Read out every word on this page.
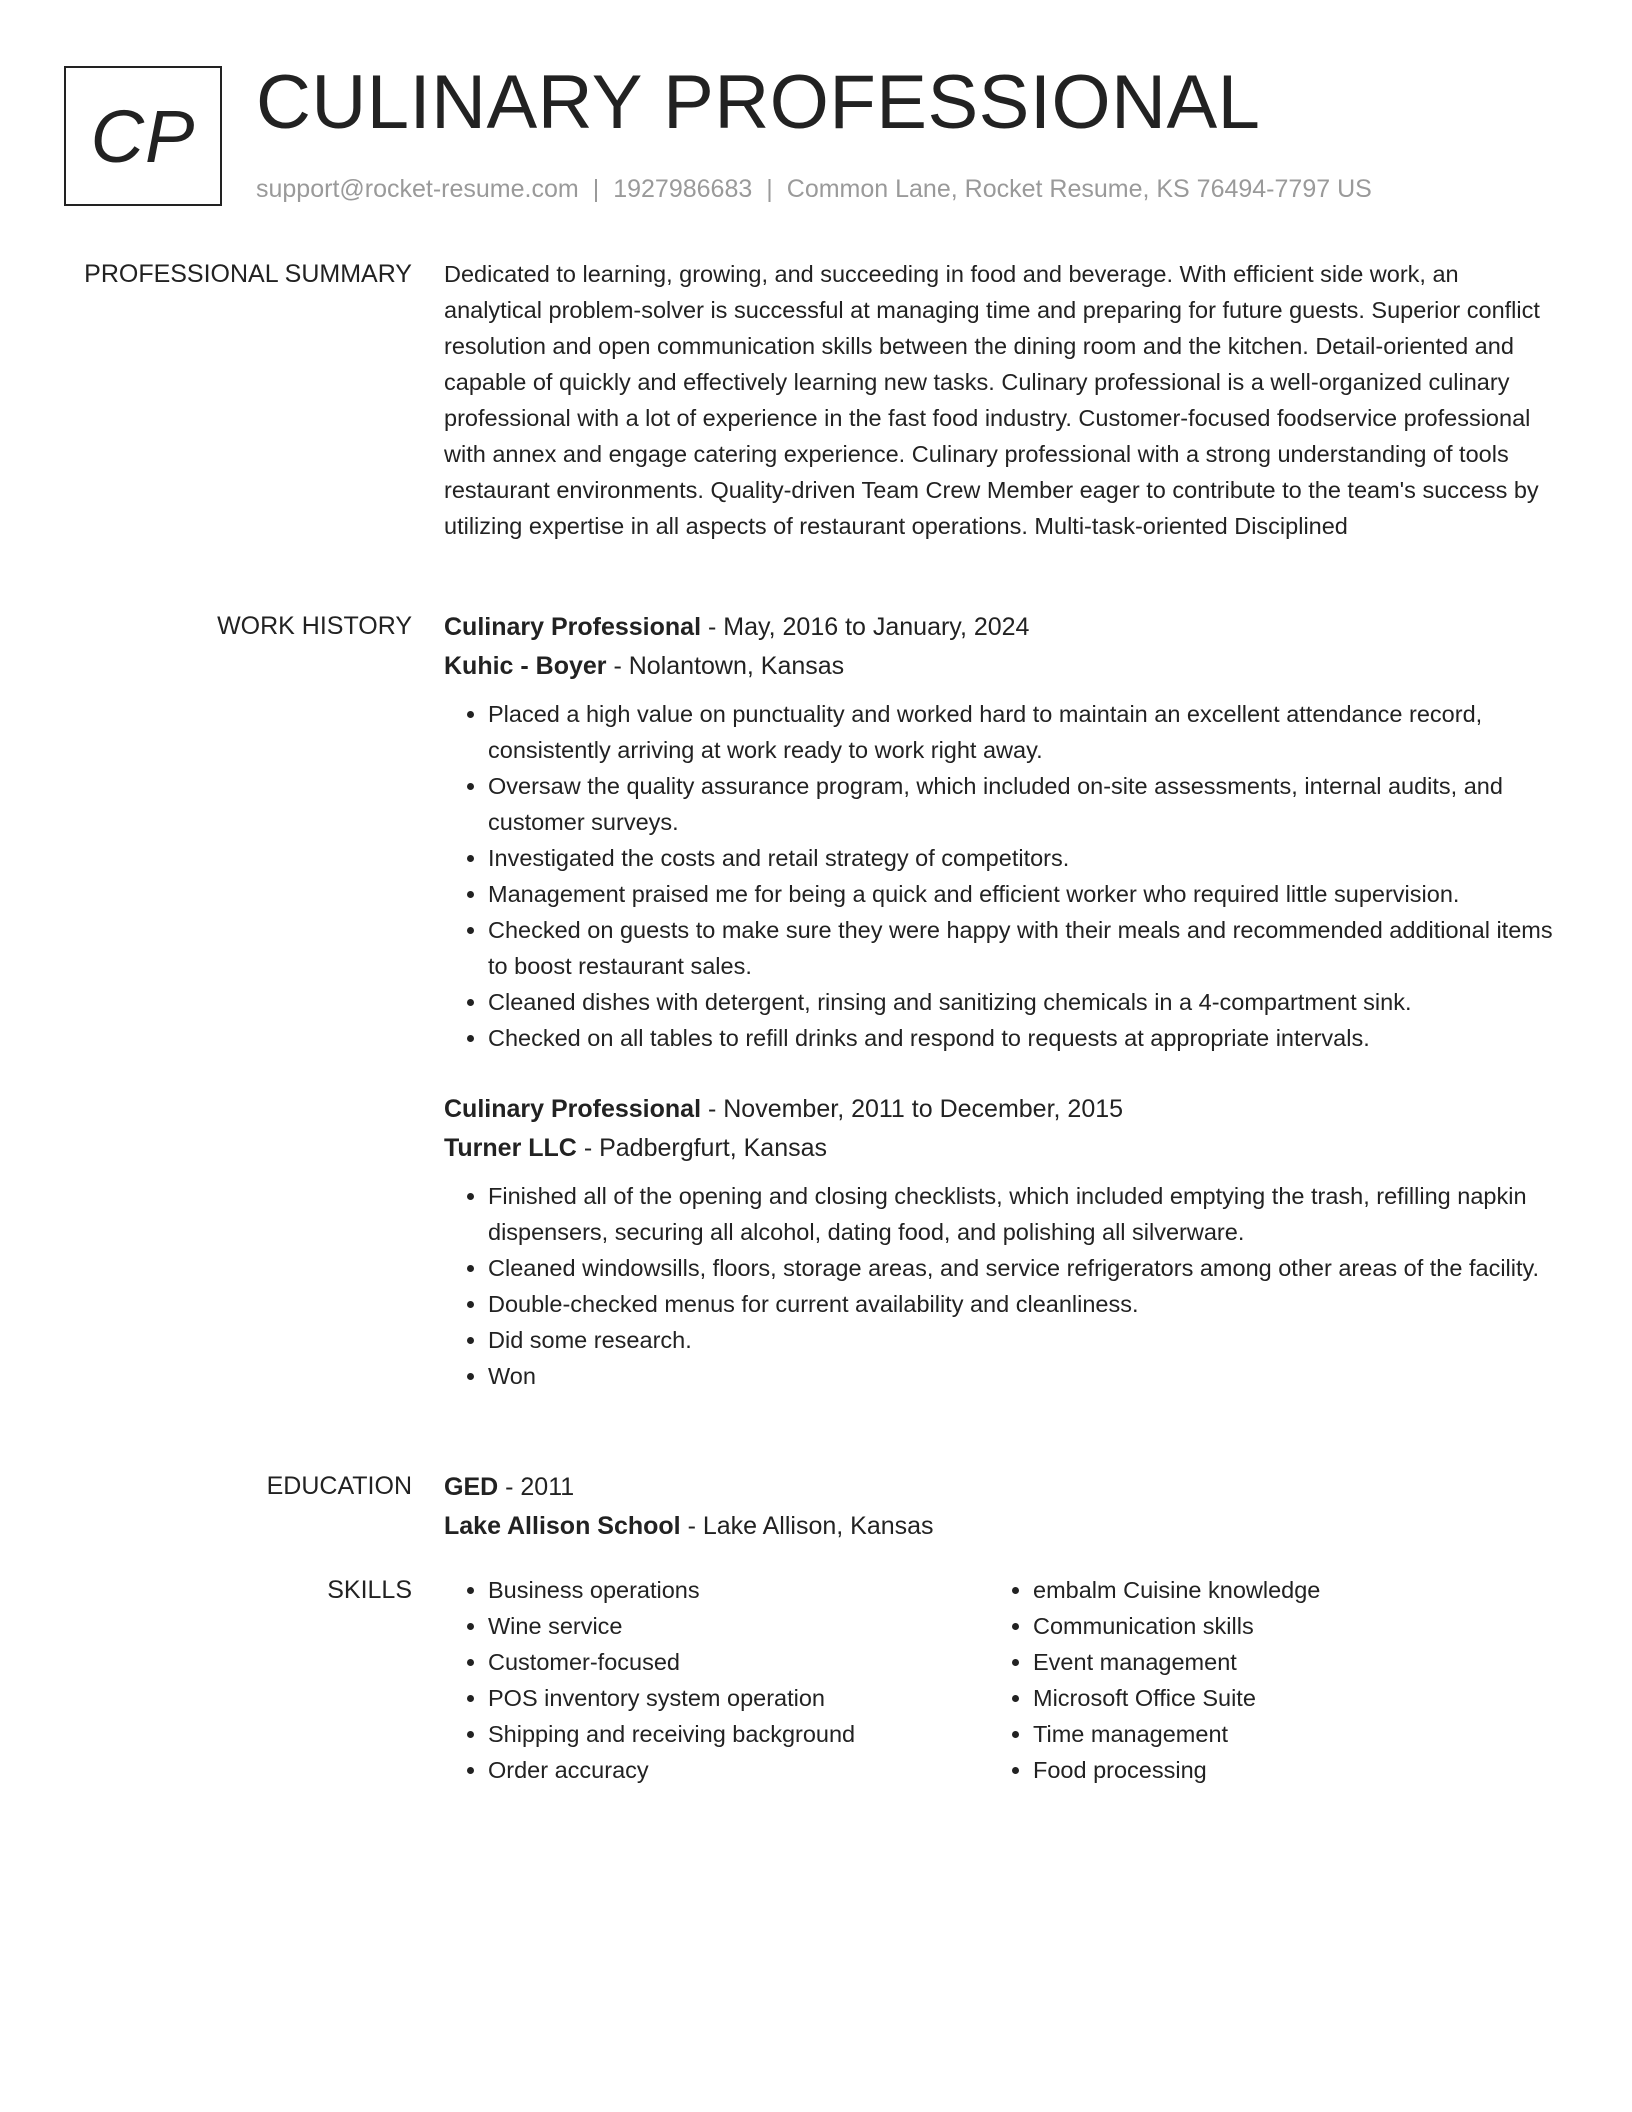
CP CULINARY PROFESSIONAL
support@rocket-resume.com | 1927986683 | Common Lane, Rocket Resume, KS 76494-7797 US
PROFESSIONAL SUMMARY Dedicated to learning, growing, and succeeding in food and beverage. With efficient side work, an analytical problem-solver is successful at managing time and preparing for future guests. Superior conflict resolution and open communication skills between the dining room and the kitchen. Detail-oriented and capable of quickly and effectively learning new tasks. Culinary professional is a well-organized culinary professional with a lot of experience in the fast food industry. Customer-focused foodservice professional with annex and engage catering experience. Culinary professional with a strong understanding of tools restaurant environments. Quality-driven Team Crew Member eager to contribute to the team's success by utilizing expertise in all aspects of restaurant operations. Multi-task-oriented Disciplined

WORK HISTORY Culinary Professional - May, 2016 to January, 2024
Kuhic - Boyer - Nolantown, Kansas
• Placed a high value on punctuality and worked hard to maintain an excellent attendance record, consistently arriving at work ready to work right away.
• Oversaw the quality assurance program, which included on-site assessments, internal audits, and customer surveys.
• Investigated the costs and retail strategy of competitors.
• Management praised me for being a quick and efficient worker who required little supervision.
• Checked on guests to make sure they were happy with their meals and recommended additional items to boost restaurant sales.
• Cleaned dishes with detergent, rinsing and sanitizing chemicals in a 4-compartment sink.
• Checked on all tables to refill drinks and respond to requests at appropriate intervals.
Culinary Professional - November, 2011 to December, 2015
Turner LLC - Padbergfurt, Kansas
• Finished all of the opening and closing checklists, which included emptying the trash, refilling napkin dispensers, securing all alcohol, dating food, and polishing all silverware.
• Cleaned windowsills, floors, storage areas, and service refrigerators among other areas of the facility.
• Double-checked menus for current availability and cleanliness.
• Did some research.
• Won
EDUCATION GED - 2011
Lake Allison School - Lake Allison, Kansas
SKILLS
•	Business operations
• Wine service
• Customer-focused
• POS inventory system operation
• Shipping and receiving background
• Order accuracy
• embalm Cuisine knowledge
• Communication skills
• Event management
• Microsoft Office Suite
• Time management
• Food processing
